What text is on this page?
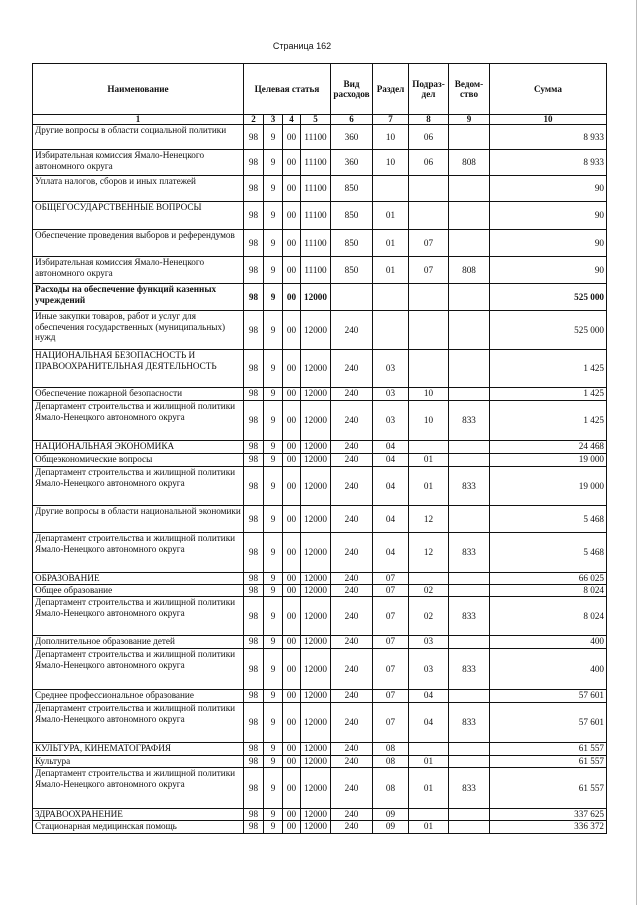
Страница 162
Наименование	Целевая статья				Вид расходов	Раздел	Подраз-дел	Ведом-ство	Сумма
1	2	3	4	5	6	7	8	9	10
Другие вопросы в области социальной политики	98	9	00	11100	360	10	06		8 933
Избирательная комиссия Ямало-Ненецкого автономного округа	98	9	00	11100	360	10	06	808	8 933
Уплата налогов, сборов и иных платежей	98	9	00	11100	850				90
ОБЩЕГОСУДАРСТВЕННЫЕ ВОПРОСЫ	98	9	00	11100	850	01			90
Обеспечение проведения выборов и референдумов	98	9	00	11100	850	01	07		90
Избирательная комиссия Ямало-Ненецкого автономного округа	98	9	00	11100	850	01	07	808	90
Расходы на обеспечение функций казенных учреждений	98	9	00	12000					525 000
Иные закупки товаров, работ и услуг для обеспечения государственных (муниципальных) нужд	98	9	00	12000	240				525 000
НАЦИОНАЛЬНАЯ БЕЗОПАСНОСТЬ И ПРАВООХРАНИТЕЛЬНАЯ ДЕЯТЕЛЬНОСТЬ	98	9	00	12000	240	03			1 425
Обеспечение пожарной безопасности	98	9	00	12000	240	03	10		1 425
Департамент строительства и жилищной политики Ямало-Ненецкого автономного округа	98	9	00	12000	240	03	10	833	1 425
НАЦИОНАЛЬНАЯ ЭКОНОМИКА	98	9	00	12000	240	04			24 468
Общеэкономические вопросы	98	9	00	12000	240	04	01		19 000
Департамент строительства и жилищной политики Ямало-Ненецкого автономного округа	98	9	00	12000	240	04	01	833	19 000
Другие вопросы в области национальной экономики	98	9	00	12000	240	04	12		5 468
Департамент строительства и жилищной политики Ямало-Ненецкого автономного округа	98	9	00	12000	240	04	12	833	5 468
ОБРАЗОВАНИЕ	98	9	00	12000	240	07			66 025
Общее образование	98	9	00	12000	240	07	02		8 024
Департамент строительства и жилищной политики Ямало-Ненецкого автономного округа	98	9	00	12000	240	07	02	833	8 024
Дополнительное образование детей	98	9	00	12000	240	07	03		400
Департамент строительства и жилищной политики Ямало-Ненецкого автономного округа	98	9	00	12000	240	07	03	833	400
Среднее профессиональное образование	98	9	00	12000	240	07	04		57 601
Департамент строительства и жилищной политики Ямало-Ненецкого автономного округа	98	9	00	12000	240	07	04	833	57 601
КУЛЬТУРА, КИНЕМАТОГРАФИЯ	98	9	00	12000	240	08			61 557
Культура	98	9	00	12000	240	08	01		61 557
Департамент строительства и жилищной политики Ямало-Ненецкого автономного округа	98	9	00	12000	240	08	01	833	61 557
ЗДРАВООХРАНЕНИЕ	98	9	00	12000	240	09			337 625
Стационарная медицинская помощь	98	9	00	12000	240	09	01		336 372
